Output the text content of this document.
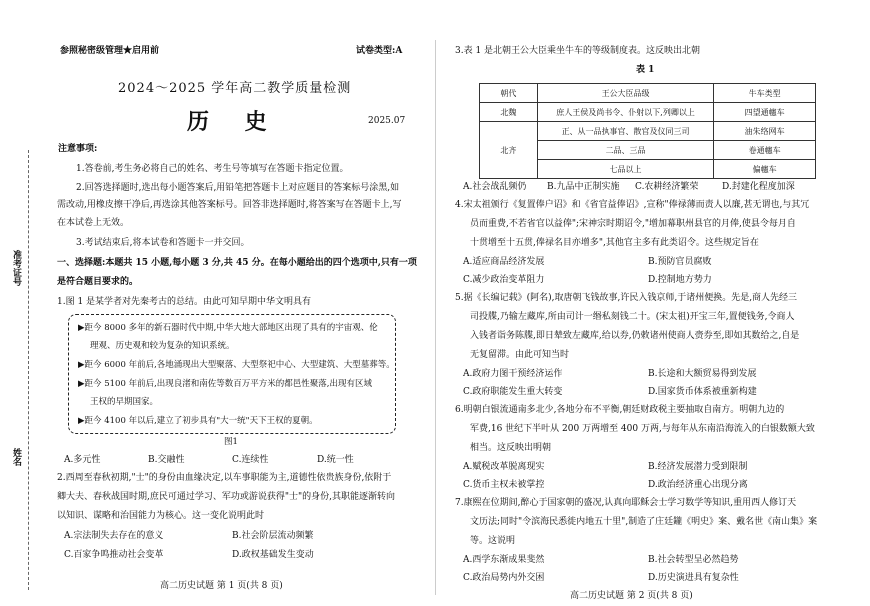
准考证号
姓名
参照秘密级管理★启用前	试卷类型:A
2024～2025 学年高二教学质量检测
历 史	2025.07
注意事项:
1.答卷前,考生务必将自己的姓名、考生号等填写在答题卡指定位置。
2.回答选择题时,选出每小题答案后,用铅笔把答题卡上对应题目的答案标号涂黑,如
需改动,用橡皮擦干净后,再选涂其他答案标号。回答非选择题时,将答案写在答题卡上,写
在本试卷上无效。
3.考试结束后,将本试卷和答题卡一并交回。
一、选择题:本题共 15 小题,每小题 3 分,共 45 分。在每小题给出的四个选项中,只有一项
是符合题目要求的。
1.图 1 是某学者对先秦考古的总结。由此可知早期中华文明具有
▶距今 8000 多年的新石器时代中期,中华大地大部地区出现了具有的宇宙观、伦
理观、历史观和较为复杂的知识系统。
▶距今 6000 年前后,各地涌现出大型聚落、大型祭祀中心、大型建筑、大型墓葬等。
▶距今 5100 年前后,出现良渚和南佐等数百万平方米的都邑性聚落,出现有区域
王权的早期国家。
▶距今 4100 年以后,建立了初步具有"大一统"天下王权的夏朝。
图1
A.多元性	B.交融性	C.连续性	D.统一性
2.西周至春秋初期,"士"的身份由血缘决定,以车事职能为主,道德性依贵族身份,依附于
卿大夫、春秋战国时期,庶民可通过学习、军功或游说获得"士"的身份,其职能逐渐转向
以知识、谋略和治国能力为核心。这一变化说明此时
A.宗法制失去存在的意义	B.社会阶层流动频繁
C.百家争鸣推动社会变革	D.政权基础发生变动
高二历史试题 第 1 页(共 8 页)
3.表 1 是北朝王公大臣乘坐牛车的等级制度表。这反映出北朝
表 1
朝代	王公大臣品级	牛车类型
北魏	庶人王侯及尚书令、仆射以下,列卿以上	四望通幰车
北齐	正、从一品执事官、散官及仪同三司	油朱络网车
	二品、三品	卷通幰车
	七品以上	偏幰车
A.社会战乱频仍 B.九品中正制实施 C.农耕经济繁荣	D.封建化程度加深
4.宋太祖颁行《复置俸户诏》和《省官益俸诏》,宣称"俸禄薄而责人以廉,甚无谓也,与其冗
员而重费,不若省官以益俸";宋神宗时期诏令,"增加幕职州县官的月俸,使县令每月自
十贯增至十五贯,俸禄名目亦增多",其他官主多有此类诏令。这些规定旨在
A.适应商品经济发展	B.预防官员腐败
C.减少政治变革阻力	D.控制地方势力
5.据《长编记载》(阿名),取唐朝飞钱故事,许民入钱京师,于诸州便换。先是,商人先经三
司投牒,乃输左藏库,所由司计一缗私刻钱二十。(宋太祖)开宝三年,置便钱务,令商人
入钱者诣务陈牒,即日辇致左藏库,给以券,仍敕诸州使商人赍券至,即如其数给之,自是
无复留滞。由此可知当时
A.政府力图干预经济运作	B.长途和大额贸易得到发展
C.政府职能发生重大转变	D.国家货币体系被重新构建
6.明朝白银流通南多北少,各地分布不平衡,朝廷财政税主要抽取自南方。明朝九边的
军费,16 世纪下半叶从 200 万两增至 400 万两,与每年从东南沿海流入的白银数额大致
相当。这反映出明朝
A.赋税改革脱离现实	B.经济发展潜力受到限制
C.货币主权未被掌控	D.政治经济重心出现分离
7.康熙在位期间,醉心于国家朝的盛况,认真向耶稣会士学习数学等知识,重用西人修订天
文历法;同时"令滨海民悉徙内地五十里",制造了庄廷鑨《明史》案、戴名世《南山集》案
等。这说明
A.西学东渐成果斐然	B.社会转型呈必然趋势
C.政治局势内外交困	D.历史演进具有复杂性
高二历史试题 第 2 页(共 8 页)
